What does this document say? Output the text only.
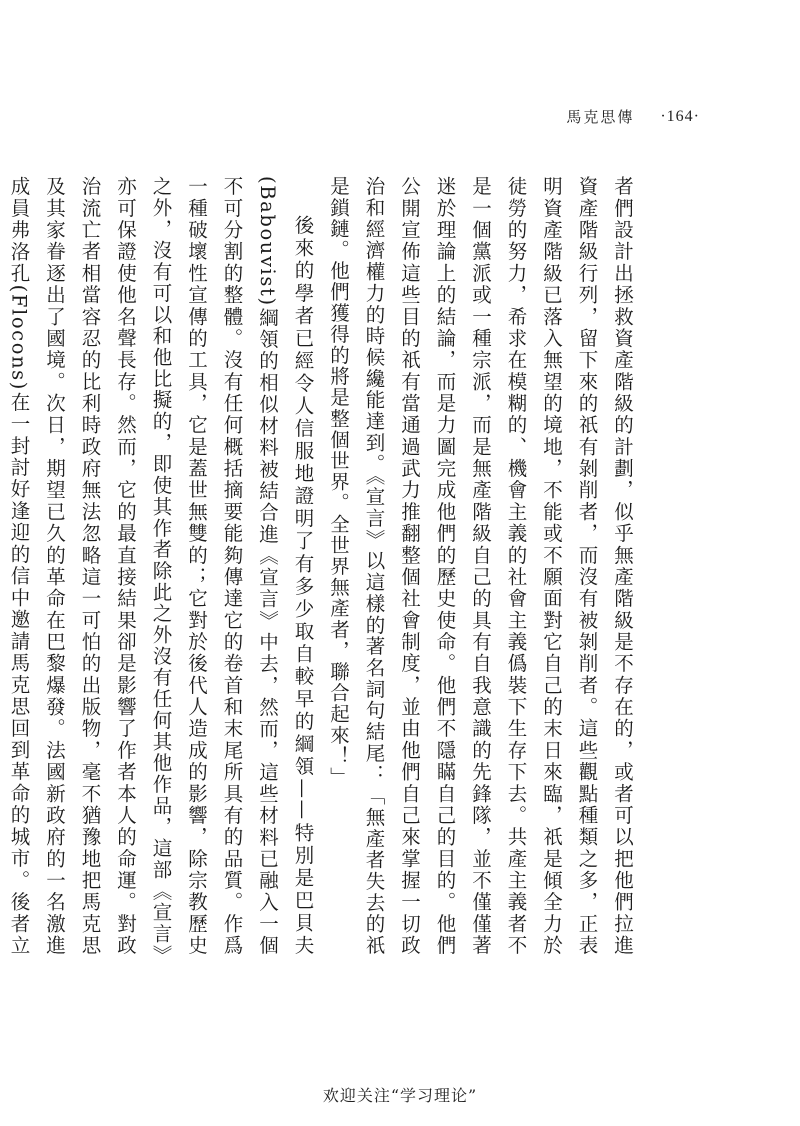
馬克思傳 ·164·

者們設計出拯救資產階級的計劃，似乎無產階級是不存在的，或者可以把他們拉進資產階級行列，留下來的祇有剝削者，而沒有被剝削者。這些觀點種類之多，正表明資產階級已落入無望的境地，不能或不願面對它自己的末日來臨，祇是傾全力於徒勞的努力，希求在模糊的、機會主義的社會主義僞裝下生存下去。共產主義者不是一個黨派或一種宗派，而是無產階級自己的具有自我意識的先鋒隊，並不僅僅著迷於理論上的結論，而是力圖完成他們的歷史使命。他們不隱瞞自己的目的。他們公開宣佈這些目的祇有當通過武力推翻整個社會制度，並由他們自己來掌握一切政治和經濟權力的時候纔能達到。《宣言》以這樣的著名詞句結尾：「無產者失去的祇是鎖鏈。他們獲得的將是整個世界。全世界無產者，聯合起來！」

後來的學者已經令人信服地證明了有多少取自較早的綱領——特別是巴貝夫(Babouvist)綱領的相似材料被結合進《宣言》中去，然而，這些材料已融入一個不可分割的整體。沒有任何概括摘要能夠傳達它的卷首和末尾所具有的品質。作爲一種破壞性宣傳的工具，它是蓋世無雙的；它對於後代人造成的影響，除宗教歷史之外，沒有可以和他比擬的，即使其作者除此之外沒有任何其他作品，這部《宣言》亦可保證使他名聲長存。然而，它的最直接結果卻是影響了作者本人的命運。對政治流亡者相當容忍的比利時政府無法忽略這一可怕的出版物，毫不猶豫地把馬克思及其家眷逐出了國境。次日，期望已久的革命在巴黎爆發。法國新政府的一名激進成員弗洛孔(Flocons)在一封討好逢迎的信中邀請馬克思回到革命的城市。後者立

欢迎关注“学习理论”
